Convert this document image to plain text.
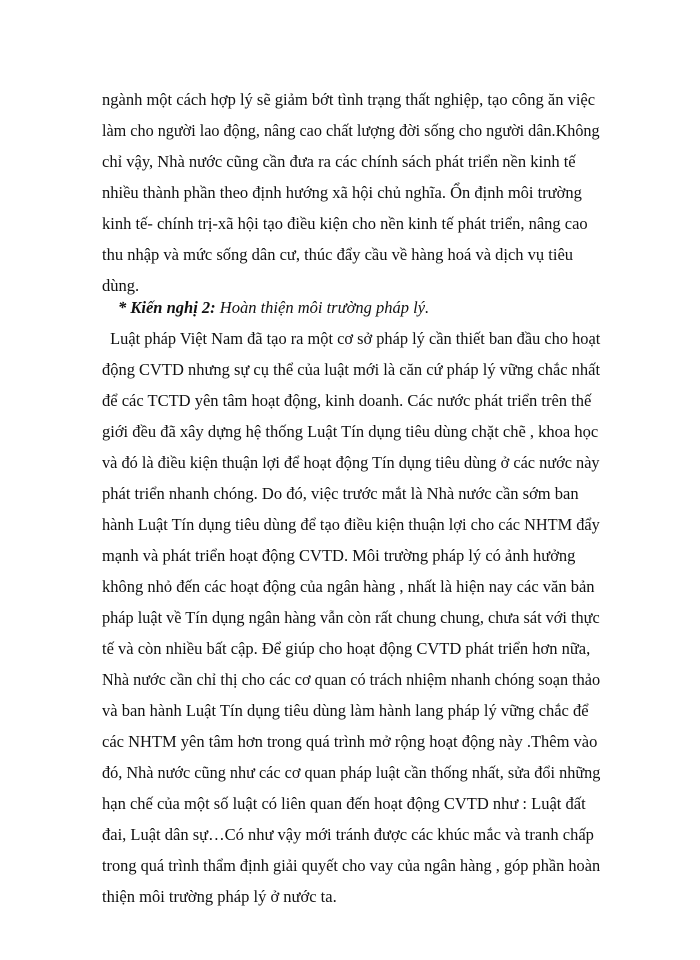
ngành một cách hợp lý sẽ giảm bớt tình trạng thất nghiệp, tạo công ăn việc
làm cho người lao động, nâng cao chất lượng đời sống cho người dân.Không
chỉ vậy, Nhà nước cũng cần đưa ra các chính sách phát triển nền kinh tế
nhiều thành phần theo định hướng xã hội chủ nghĩa. Ổn định môi trường
kinh tế- chính trị-xã hội tạo điều kiện cho nền kinh tế phát triển, nâng cao
thu nhập và mức sống dân cư, thúc đẩy cầu về hàng hoá và dịch vụ tiêu
dùng.
* Kiến nghị 2: Hoàn thiện môi trường pháp lý.
Luật pháp Việt Nam đã tạo ra một cơ sở pháp lý cần thiết ban đầu cho hoạt
động CVTD nhưng sự cụ thể của luật mới là căn cứ pháp lý vững chắc nhất
để các TCTD yên tâm hoạt động, kinh doanh. Các nước phát triển trên thế
giới đều đã xây dựng hệ thống Luật Tín dụng tiêu dùng chặt chẽ , khoa học
và đó là điều kiện thuận lợi để hoạt động Tín dụng tiêu dùng ở các nước này
phát triển nhanh chóng. Do đó, việc trước mắt là Nhà nước cần sớm ban
hành Luật Tín dụng tiêu dùng để tạo điều kiện thuận lợi cho các NHTM đẩy
mạnh và phát triển hoạt động CVTD. Môi trường pháp lý có ảnh hưởng
không nhỏ đến các hoạt động của ngân hàng , nhất là hiện nay các văn bản
pháp luật về Tín dụng ngân hàng vẫn còn rất chung chung, chưa sát với thực
tế và còn nhiều bất cập. Để giúp cho hoạt động CVTD phát triển hơn nữa,
Nhà nước cần chỉ thị cho các cơ quan có trách nhiệm nhanh chóng soạn thảo
và ban hành Luật Tín dụng tiêu dùng làm hành lang pháp lý vững chắc để
các NHTM yên tâm hơn trong quá trình mở rộng hoạt động này .Thêm vào
đó, Nhà nước cũng như các cơ quan pháp luật cần thống nhất, sửa đổi những
hạn chế của một số luật có liên quan đến hoạt động CVTD như : Luật đất
đai, Luật dân sự…Có như vậy mới tránh được các khúc mắc và tranh chấp
trong quá trình thẩm định giải quyết cho vay của ngân hàng , góp phần hoàn
thiện môi trường pháp lý ở nước ta.
